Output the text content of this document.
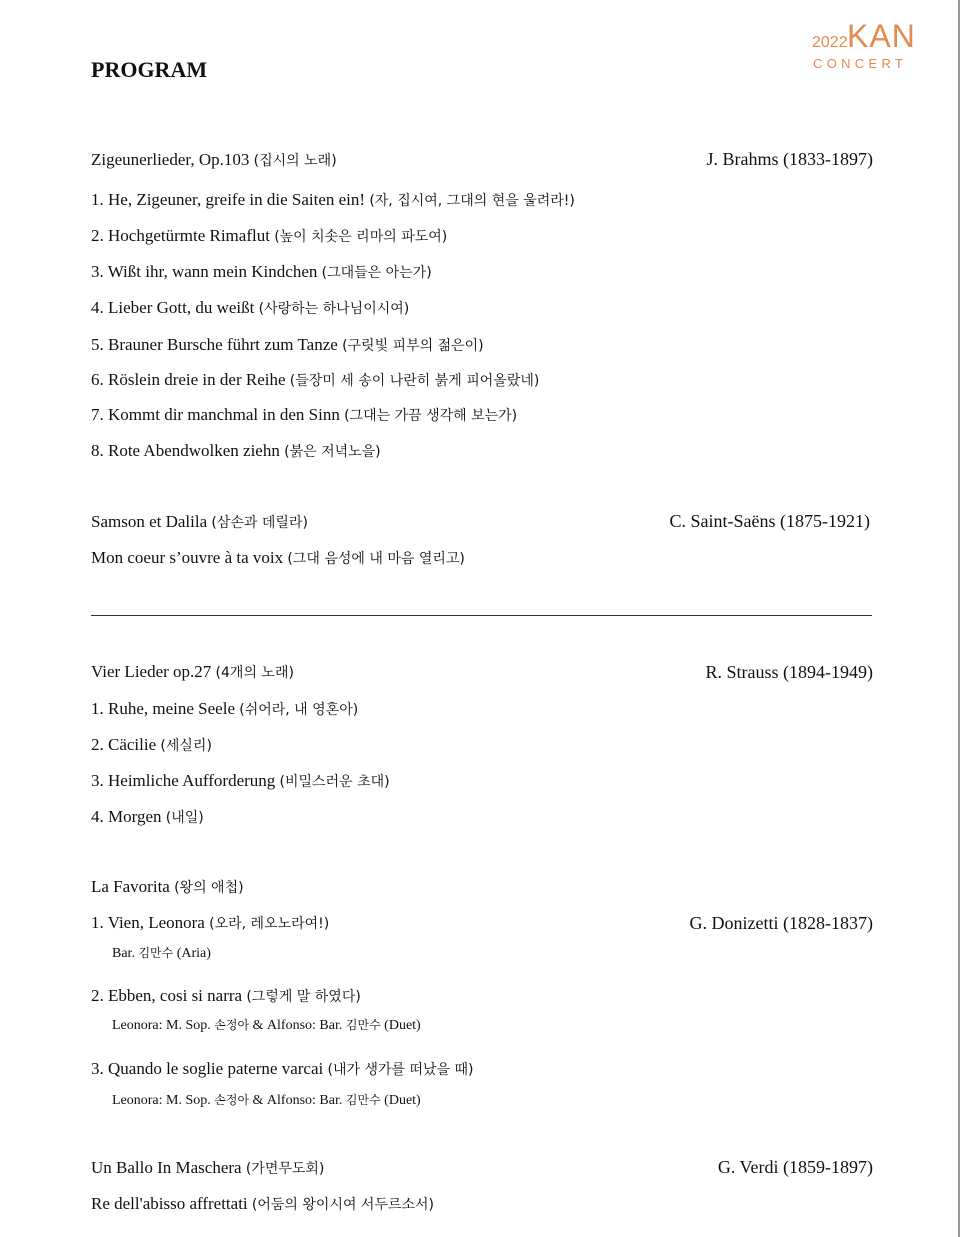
2022 KAN
CONCERT
PROGRAM
Zigeunerlieder, Op.103 (집시의 노래)	J. Brahms (1833-1897)
1. He, Zigeuner, greife in die Saiten ein! (자, 집시여, 그대의 현을 울려라!)
2. Hochgetürmte Rimaflut (높이 치솟은 리마의 파도여)
3. Wißt ihr, wann mein Kindchen (그대들은 아는가)
4. Lieber Gott, du weißt (사랑하는 하나님이시여)
5. Brauner Bursche führt zum Tanze (구릿빛 피부의 젊은이)
6. Röslein dreie in der Reihe (들장미 세 송이 나란히 붉게 피어올랐네)
7. Kommt dir manchmal in den Sinn (그대는 가끔 생각해 보는가)
8. Rote Abendwolken ziehn (붉은 저녁노을)
Samson et Dalila (삼손과 데릴라)	C. Saint-Saëns (1875-1921)
Mon coeur s’ouvre à ta voix (그대 음성에 내 마음 열리고)
Vier Lieder op.27 (4개의 노래)	R. Strauss (1894-1949)
1. Ruhe, meine Seele (쉬어라, 내 영혼아)
2. Cäcilie (세실리)
3. Heimliche Aufforderung (비밀스러운 초대)
4. Morgen (내일)
La Favorita (왕의 애첩)
1. Vien, Leonora (오라, 레오노라여!)	G. Donizetti (1828-1837)
Bar. 김만수 (Aria)
2. Ebben, cosi si narra (그렇게 말 하였다)
Leonora: M. Sop. 손정아 & Alfonso: Bar. 김만수 (Duet)
3. Quando le soglie paterne varcai (내가 생가를 떠났을 때)
Leonora: M. Sop. 손정아 & Alfonso: Bar. 김만수 (Duet)
Un Ballo In Maschera (가면무도회)	G. Verdi (1859-1897)
Re dell'abisso affrettati (어둠의 왕이시여 서두르소서)
